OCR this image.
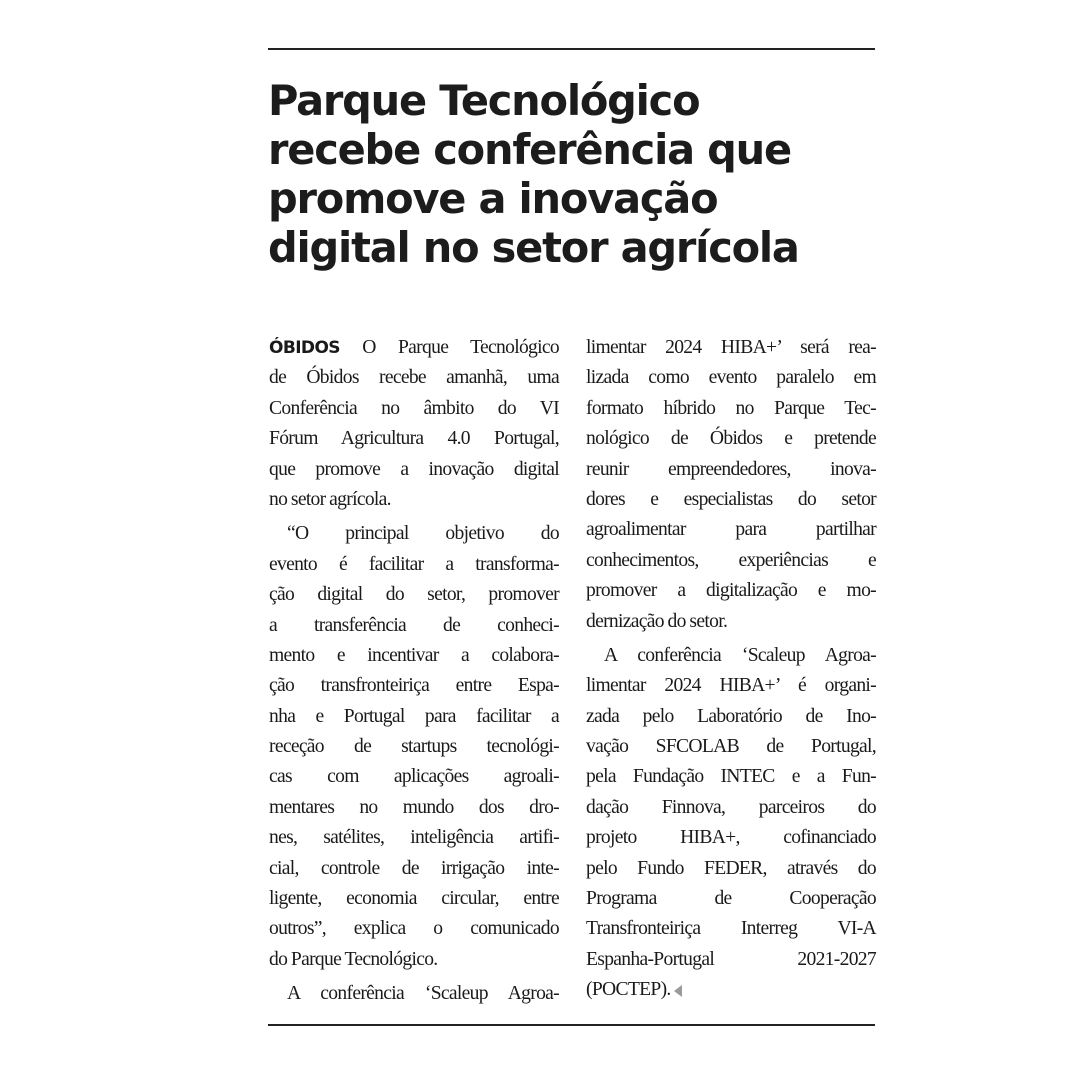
Parque Tecnológico
recebe conferência que
promove a inovação
digital no setor agrícola
ÓBIDOS O Parque Tecnológico
de Óbidos recebe amanhã, uma
Conferência no âmbito do VI
Fórum Agricultura 4.0 Portugal,
que promove a inovação digital
no setor agrícola.
“O principal objetivo do
evento é facilitar a transforma-
ção digital do setor, promover
a transferência de conheci-
mento e incentivar a colabora-
ção transfronteiriça entre Espa-
nha e Portugal para facilitar a
receção de startups tecnológi-
cas com aplicações agroali-
mentares no mundo dos dro-
nes, satélites, inteligência artifi-
cial, controle de irrigação inte-
ligente, economia circular, entre
outros”, explica o comunicado
do Parque Tecnológico.
A conferência ‘Scaleup Agroa-
limentar 2024 HIBA+’ será rea-
lizada como evento paralelo em
formato híbrido no Parque Tec-
nológico de Óbidos e pretende
reunir empreendedores, inova-
dores e especialistas do setor
agroalimentar para partilhar
conhecimentos, experiências e
promover a digitalização e mo-
dernização do setor.
A conferência ‘Scaleup Agroa-
limentar 2024 HIBA+’ é organi-
zada pelo Laboratório de Ino-
vação SFCOLAB de Portugal,
pela Fundação INTEC e a Fun-
dação Finnova, parceiros do
projeto HIBA+, cofinanciado
pelo Fundo FEDER, através do
Programa de Cooperação
Transfronteiriça Interreg VI-A
Espanha-Portugal 2021-2027
(POCTEP).
